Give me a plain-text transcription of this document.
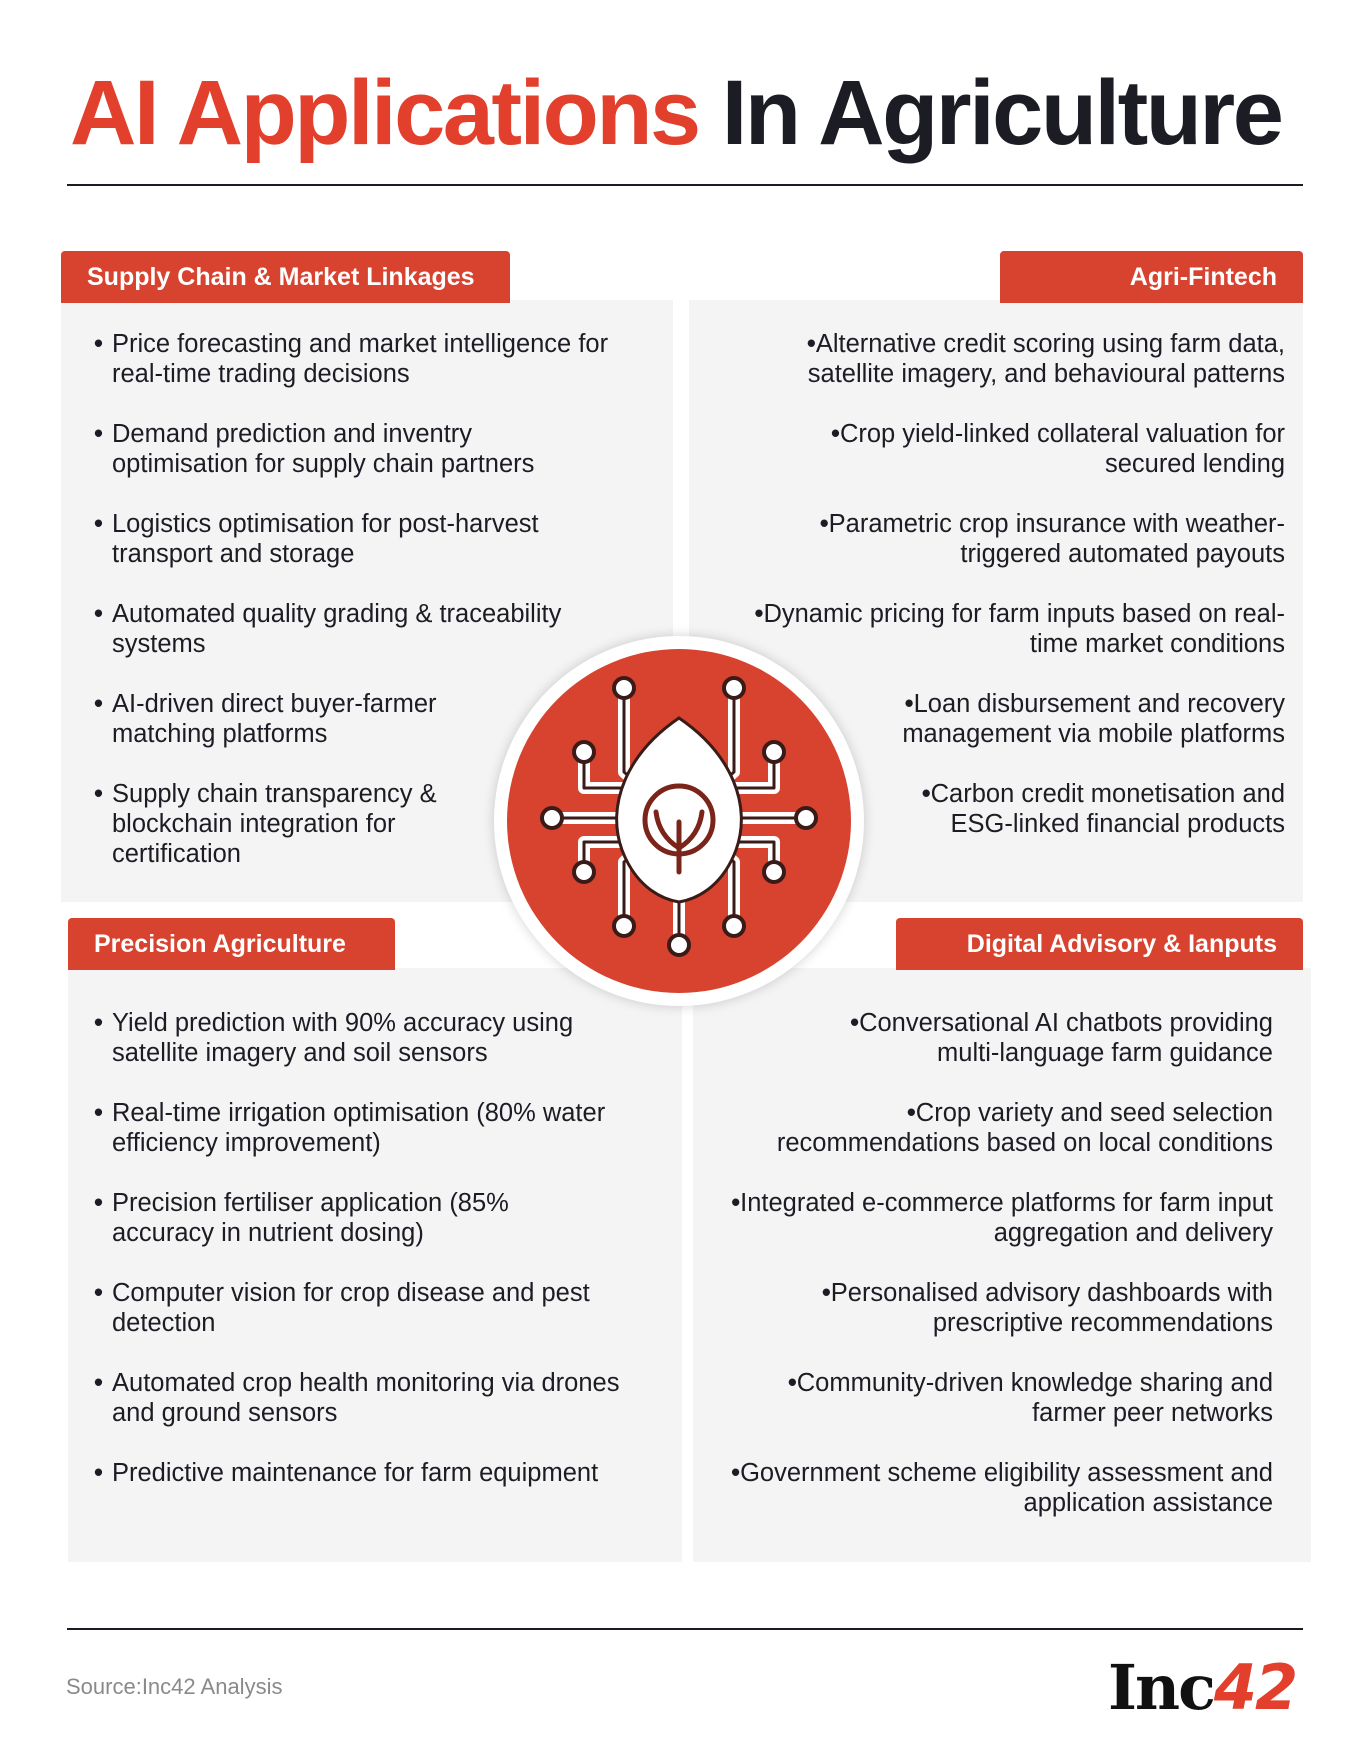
AI Applications In Agriculture
Supply Chain & Market Linkages	Agri-Fintech
Precision Agriculture	Digital Advisory & Ianputs
• Price forecasting and market intelligence for real-time trading decisions
• Demand prediction and inventry optimisation for supply chain partners
• Logistics optimisation for post-harvest transport and storage
• Automated quality grading & traceability systems
• AI-driven direct buyer-farmer matching platforms
• Supply chain transparency & blockchain integration for certification
•Alternative credit scoring using farm data, satellite imagery, and behavioural patterns
•Crop yield-linked collateral valuation for secured lending
•Parametric crop insurance with weather-triggered automated payouts
•Dynamic pricing for farm inputs based on real-time market conditions
•Loan disbursement and recovery management via mobile platforms
•Carbon credit monetisation and ESG-linked financial products
• Yield prediction with 90% accuracy using satellite imagery and soil sensors
• Real-time irrigation optimisation (80% water efficiency improvement)
• Precision fertiliser application (85% accuracy in nutrient dosing)
• Computer vision for crop disease and pest detection
• Automated crop health monitoring via drones and ground sensors
• Predictive maintenance for farm equipment
•Conversational AI chatbots providing multi-language farm guidance
•Crop variety and seed selection recommendations based on local conditions
•Integrated e-commerce platforms for farm input aggregation and delivery
•Personalised advisory dashboards with prescriptive recommendations
•Community-driven knowledge sharing and farmer peer networks
•Government scheme eligibility assessment and application assistance
Source:Inc42 Analysis	Inc42
